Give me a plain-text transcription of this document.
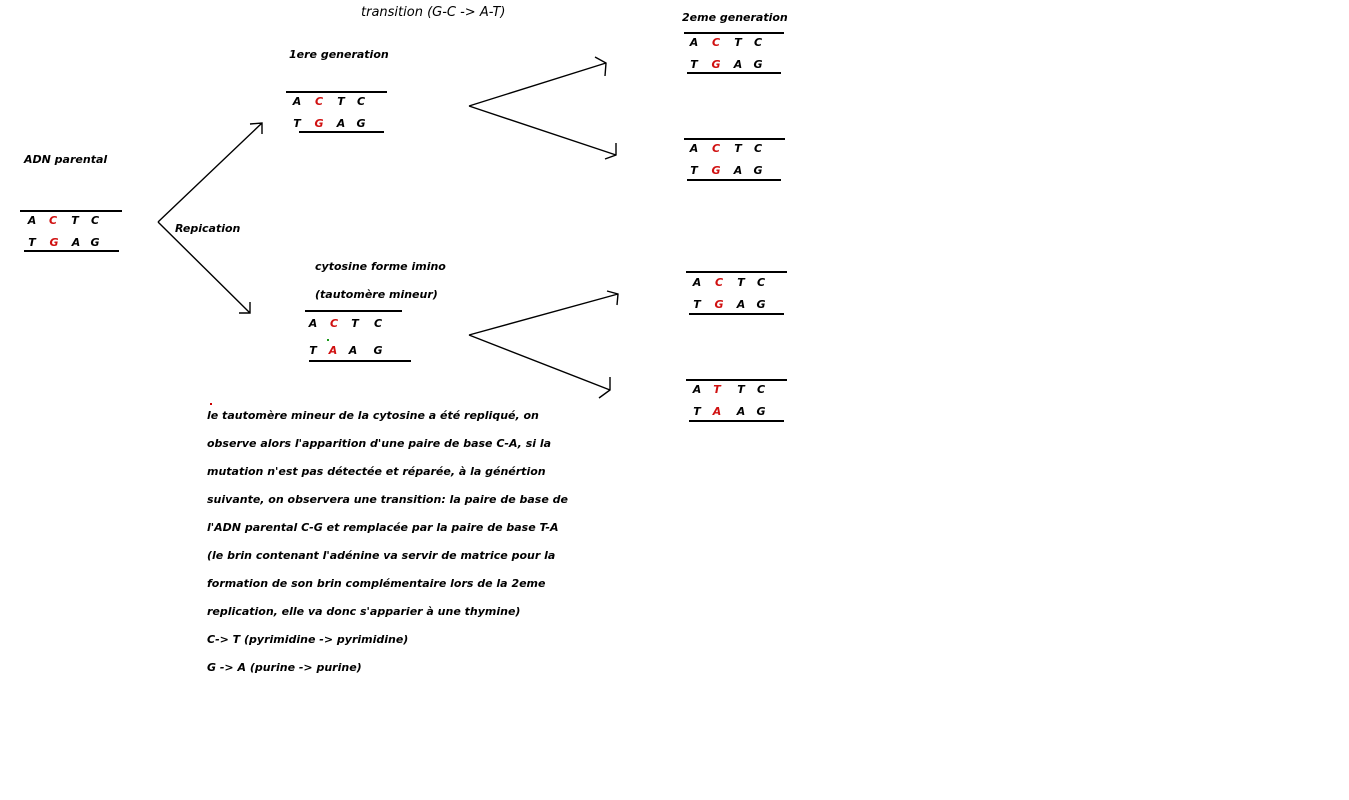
transition (G-C -> A-T)
ADN parental
Repication
1ere generation
2eme generation
cytosine forme imino
(tautomère mineur)
A C T C
T G A G
A C T C
T G A G
A C T C
T A A G
A C T C
T G A G
A C T C
T G A G
A C T C
T G A G
A T T C
T A A G
le tautomère mineur de la cytosine a été repliqué, on
observe alors l'apparition d'une paire de base C-A, si la
mutation n'est pas détectée et réparée, à la génértion
suivante, on observera une transition: la paire de base de
l'ADN parental C-G et remplacée par la paire de base T-A
(le brin contenant l'adénine va servir de matrice pour la
formation de son brin complémentaire lors de la 2eme
replication, elle va donc s'apparier à une thymine)
C-> T (pyrimidine -> pyrimidine)
G -> A (purine -> purine)
